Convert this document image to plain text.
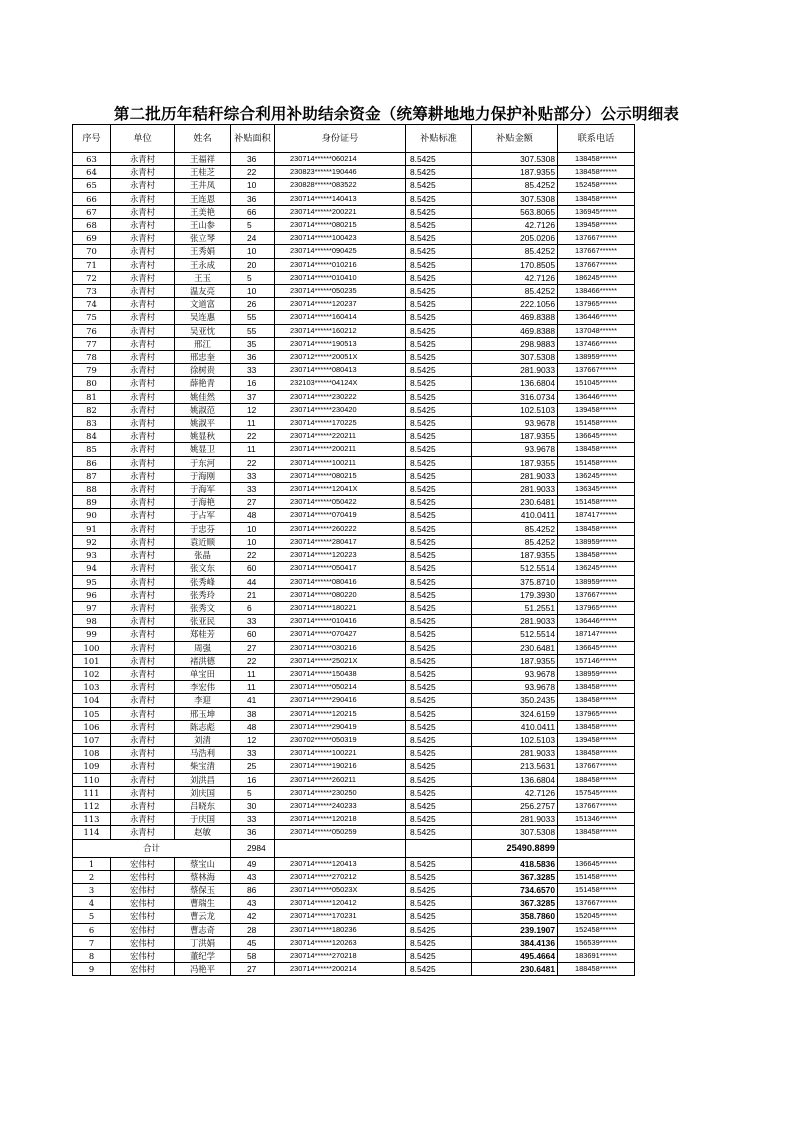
第二批历年秸秆综合利用补助结余资金（统筹耕地地力保护补贴部分）公示明细表
序号	单位	姓名	补贴面积	身份证号	补贴标准	补贴金额	联系电话
63	永青村	王福祥	36	230714******060214	8.5425	307.5308	138458******
64	永青村	王桂芝	22	230823******190446	8.5425	187.9355	138458******
65	永青村	王井凤	10	230828******083522	8.5425	85.4252	152458******
66	永青村	王连恩	36	230714******140413	8.5425	307.5308	138458******
67	永青村	王美艳	66	230714******200221	8.5425	563.8065	136945******
68	永青村	王山参	5	230714******080215	8.5425	42.7126	139458******
69	永青村	张立琴	24	230714******100423	8.5425	205.0206	137667******
70	永青村	王秀娟	10	230714******090425	8.5425	85.4252	137667******
71	永青村	王永成	20	230714******010216	8.5425	170.8505	137667******
72	永青村	王玉	5	230714******010410	8.5425	42.7126	186245******
73	永青村	温友亮	10	230714******050235	8.5425	85.4252	138466******
74	永青村	文道富	26	230714******120237	8.5425	222.1056	137965******
75	永青村	吴连惠	55	230714******160414	8.5425	469.8388	136446******
76	永青村	吴亚忱	55	230714******160212	8.5425	469.8388	137048******
77	永青村	邢江	35	230714******190513	8.5425	298.9883	137466******
78	永青村	邢忠奎	36	230712******20051X	8.5425	307.5308	138959******
79	永青村	徐树贵	33	230714******080413	8.5425	281.9033	137667******
80	永青村	薛艳青	16	232103******04124X	8.5425	136.6804	151045******
81	永青村	姚佳然	37	230714******230222	8.5425	316.0734	136446******
82	永青村	姚淑范	12	230714******230420	8.5425	102.5103	139458******
83	永青村	姚淑平	11	230714******170225	8.5425	93.9678	151458******
84	永青村	姚显秋	22	230714******220211	8.5425	187.9355	136645******
85	永青村	姚显卫	11	230714******200211	8.5425	93.9678	138458******
86	永青村	于东河	22	230714******100211	8.5425	187.9355	151458******
87	永青村	于海刚	33	230714******080215	8.5425	281.9033	136245******
88	永青村	于海军	33	230714******12041X	8.5425	281.9033	136345******
89	永青村	于海艳	27	230714******050422	8.5425	230.6481	151458******
90	永青村	于占军	48	230714******070419	8.5425	410.0411	187417******
91	永青村	于忠芬	10	230714******260222	8.5425	85.4252	138458******
92	永青村	袁近顺	10	230714******280417	8.5425	85.4252	138959******
93	永青村	张晶	22	230714******120223	8.5425	187.9355	138458******
94	永青村	张文东	60	230714******050417	8.5425	512.5514	136245******
95	永青村	张秀峰	44	230714******080416	8.5425	375.8710	138959******
96	永青村	张秀玲	21	230714******080220	8.5425	179.3930	137667******
97	永青村	张秀文	6	230714******180221	8.5425	51.2551	137965******
98	永青村	张亚民	33	230714******010416	8.5425	281.9033	136446******
99	永青村	郑桂芳	60	230714******070427	8.5425	512.5514	187147******
100	永青村	周强	27	230714******030216	8.5425	230.6481	136645******
101	永青村	褚洪德	22	230714******25021X	8.5425	187.9355	157146******
102	永青村	单宝田	11	230714******150438	8.5425	93.9678	138959******
103	永青村	李宏伟	11	230714******050214	8.5425	93.9678	138458******
104	永青村	李迎	41	230714******290416	8.5425	350.2435	138458******
105	永青村	邢玉坤	38	230714******120215	8.5425	324.6159	137965******
106	永青村	陈志彪	48	230714******290419	8.5425	410.0411	138458******
107	永青村	刘清	12	230702******050319	8.5425	102.5103	139458******
108	永青村	马浩利	33	230714******100221	8.5425	281.9033	138458******
109	永青村	柴宝清	25	230714******190216	8.5425	213.5631	137667******
110	永青村	刘洪昌	16	230714******260211	8.5425	136.6804	188458******
111	永青村	刘庆国	5	230714******230250	8.5425	42.7126	157545******
112	永青村	吕晓东	30	230714******240233	8.5425	256.2757	137667******
113	永青村	于庆国	33	230714******120218	8.5425	281.9033	151346******
114	永青村	赵敏	36	230714******050259	8.5425	307.5308	138458******
合计			2984			25490.8899	
1	宏伟村	蔡宝山	49	230714******120413	8.5425	418.5836	136645******
2	宏伟村	蔡林海	43	230714******270212	8.5425	367.3285	151458******
3	宏伟村	蔡保玉	86	230714******05023X	8.5425	734.6570	151458******
4	宏伟村	曹瑞生	43	230714******120412	8.5425	367.3285	137667******
5	宏伟村	曹云龙	42	230714******170231	8.5425	358.7860	152045******
6	宏伟村	曹志奇	28	230714******180236	8.5425	239.1907	152458******
7	宏伟村	丁洪娟	45	230714******120263	8.5425	384.4136	156539******
8	宏伟村	董纪学	58	230714******270218	8.5425	495.4664	183691******
9	宏伟村	冯艳平	27	230714******200214	8.5425	230.6481	188458******
